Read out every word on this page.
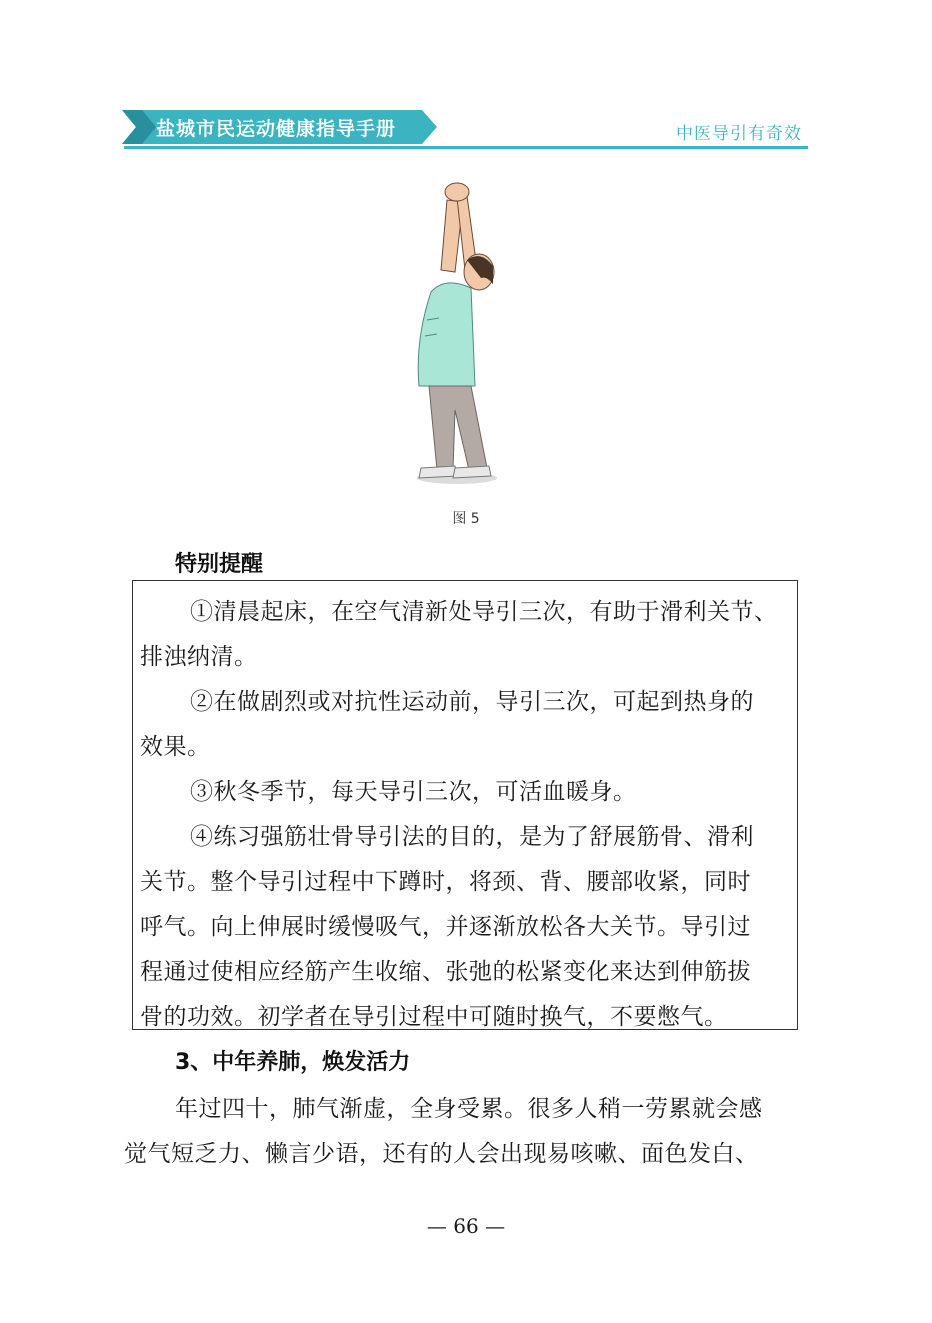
盐城市民运动健康指导手册	中医导引有奇效
图 5
特别提醒
①清晨起床，在空气清新处导引三次，有助于滑利关节、
排浊纳清。
②在做剧烈或对抗性运动前，导引三次，可起到热身的
效果。
③秋冬季节，每天导引三次，可活血暖身。
④练习强筋壮骨导引法的目的，是为了舒展筋骨、滑利
关节。整个导引过程中下蹲时，将颈、背、腰部收紧，同时
呼气。向上伸展时缓慢吸气，并逐渐放松各大关节。导引过
程通过使相应经筋产生收缩、张弛的松紧变化来达到伸筋拔
骨的功效。初学者在导引过程中可随时换气，不要憋气。
3、中年养肺，焕发活力
年过四十，肺气渐虚，全身受累。很多人稍一劳累就会感
觉气短乏力、懒言少语，还有的人会出现易咳嗽、面色发白、
— 66 —
